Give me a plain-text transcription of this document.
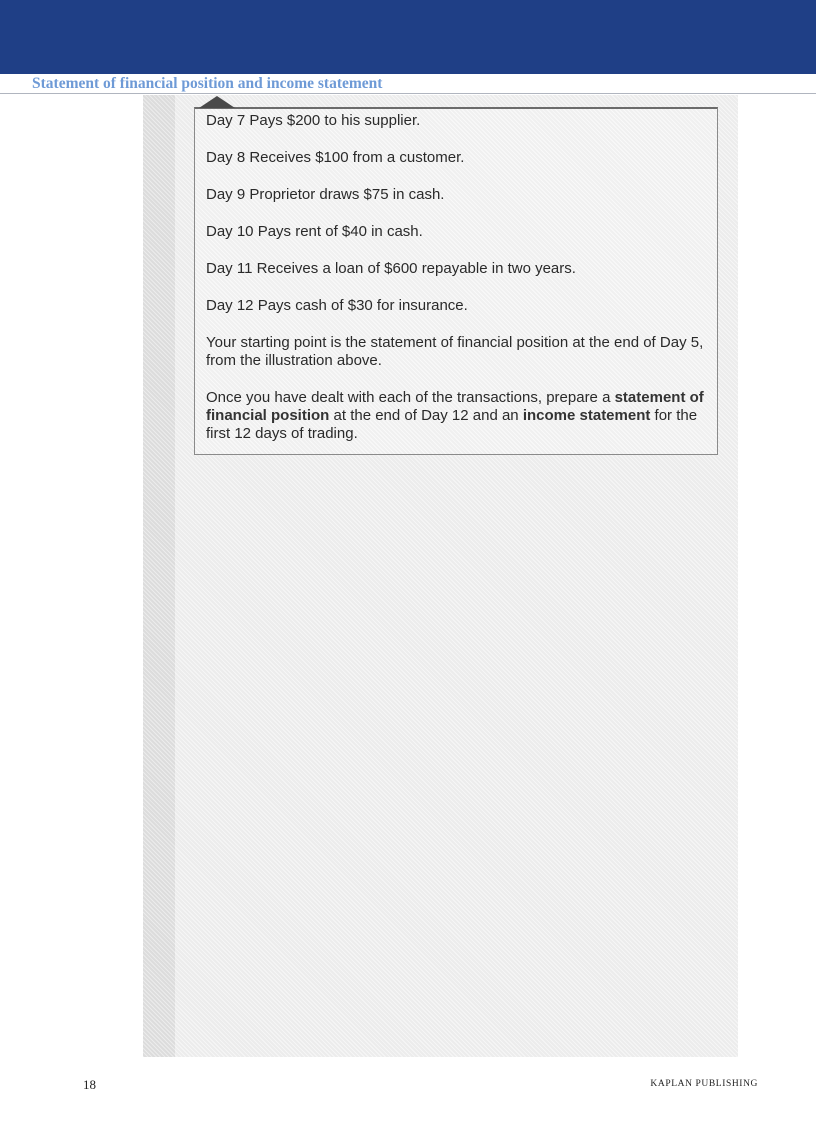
Statement of financial position and income statement

Day 7 Pays $200 to his supplier.

Day 8 Receives $100 from a customer.

Day 9 Proprietor draws $75 in cash.

Day 10 Pays rent of $40 in cash.

Day 11 Receives a loan of $600 repayable in two years.

Day 12 Pays cash of $30 for insurance.

Your starting point is the statement of financial position at the end of Day 5, from the illustration above.

Once you have dealt with each of the transactions, prepare a statement of financial position at the end of Day 12 and an income statement for the first 12 days of trading.

18	KAPLAN PUBLISHING
